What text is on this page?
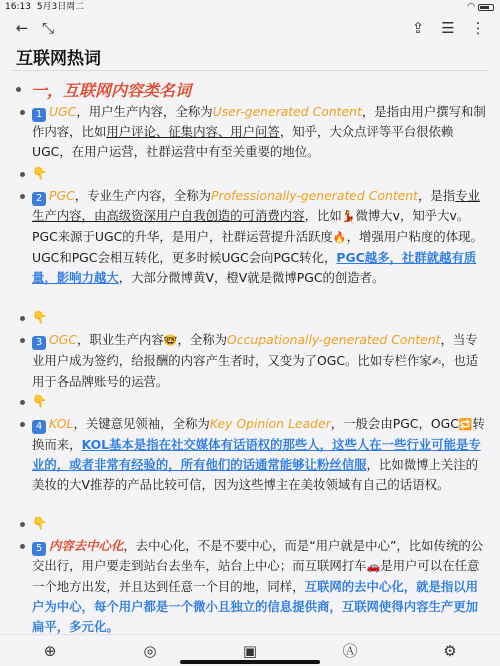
16:13 5月3日周二	◠
← ⤡	⇪	☰	⋮
互联网热词
一，互联网内容类名词
1 UGC，用户生产内容，全称为User-generated Content，是指由用户撰写和制作内容，比如用户评论、征集内容、用户问答，知乎，大众点评等平台很依赖UGC，在用户运营，社群运营中有至关重要的地位。
👇
2 PGC，专业生产内容，全称为Professionally-generated Content，是指专业生产内容，由高级资深用户自我创造的可消费内容，比如💃微博大v，知乎大v。PGC来源于UGC的升华，是用户，社群运营提升活跃度🔥，增强用户粘度的体现。UGC和PGC会相互转化，更多时候UGC会向PGC转化，PGC越多，社群就越有质量，影响力越大，大部分微博黄V，橙V就是微博PGC的创造者。
👇
3 OGC，职业生产内容🤓，全称为Occupationally-generated Content，当专业用户成为签约，给报酬的内容产生者时，又变为了OGC。比如专栏作家✍，也适用于各品牌账号的运营。
👇
4 KOL，关键意见领袖，全称为Key Opinion Leader，一般会由PGC，OGC🔁转换而来，KOL基本是指在社交媒体有话语权的那些人，这些人在一些行业可能是专业的，或者非常有经验的，所有他们的话通常能够让粉丝信服，比如微博上关注的美妆的大V推荐的产品比较可信，因为这些博主在美妆领域有自己的话语权。
👇
5 内容去中心化，去中心化，不是不要中心，而是“用户就是中心”，比如传统的公交出行，用户要走到站台去坐车，站台上中心；而互联网打车🚗是用户可以在任意一个地方出发，并且达到任意一个目的地，同样，互联网的去中心化，就是指以用户为中心，每个用户都是一个微小且独立的信息提供商，互联网使得内容生产更加扁平，多元化。
⊕	◎	▣	Ⓐ	⚙
